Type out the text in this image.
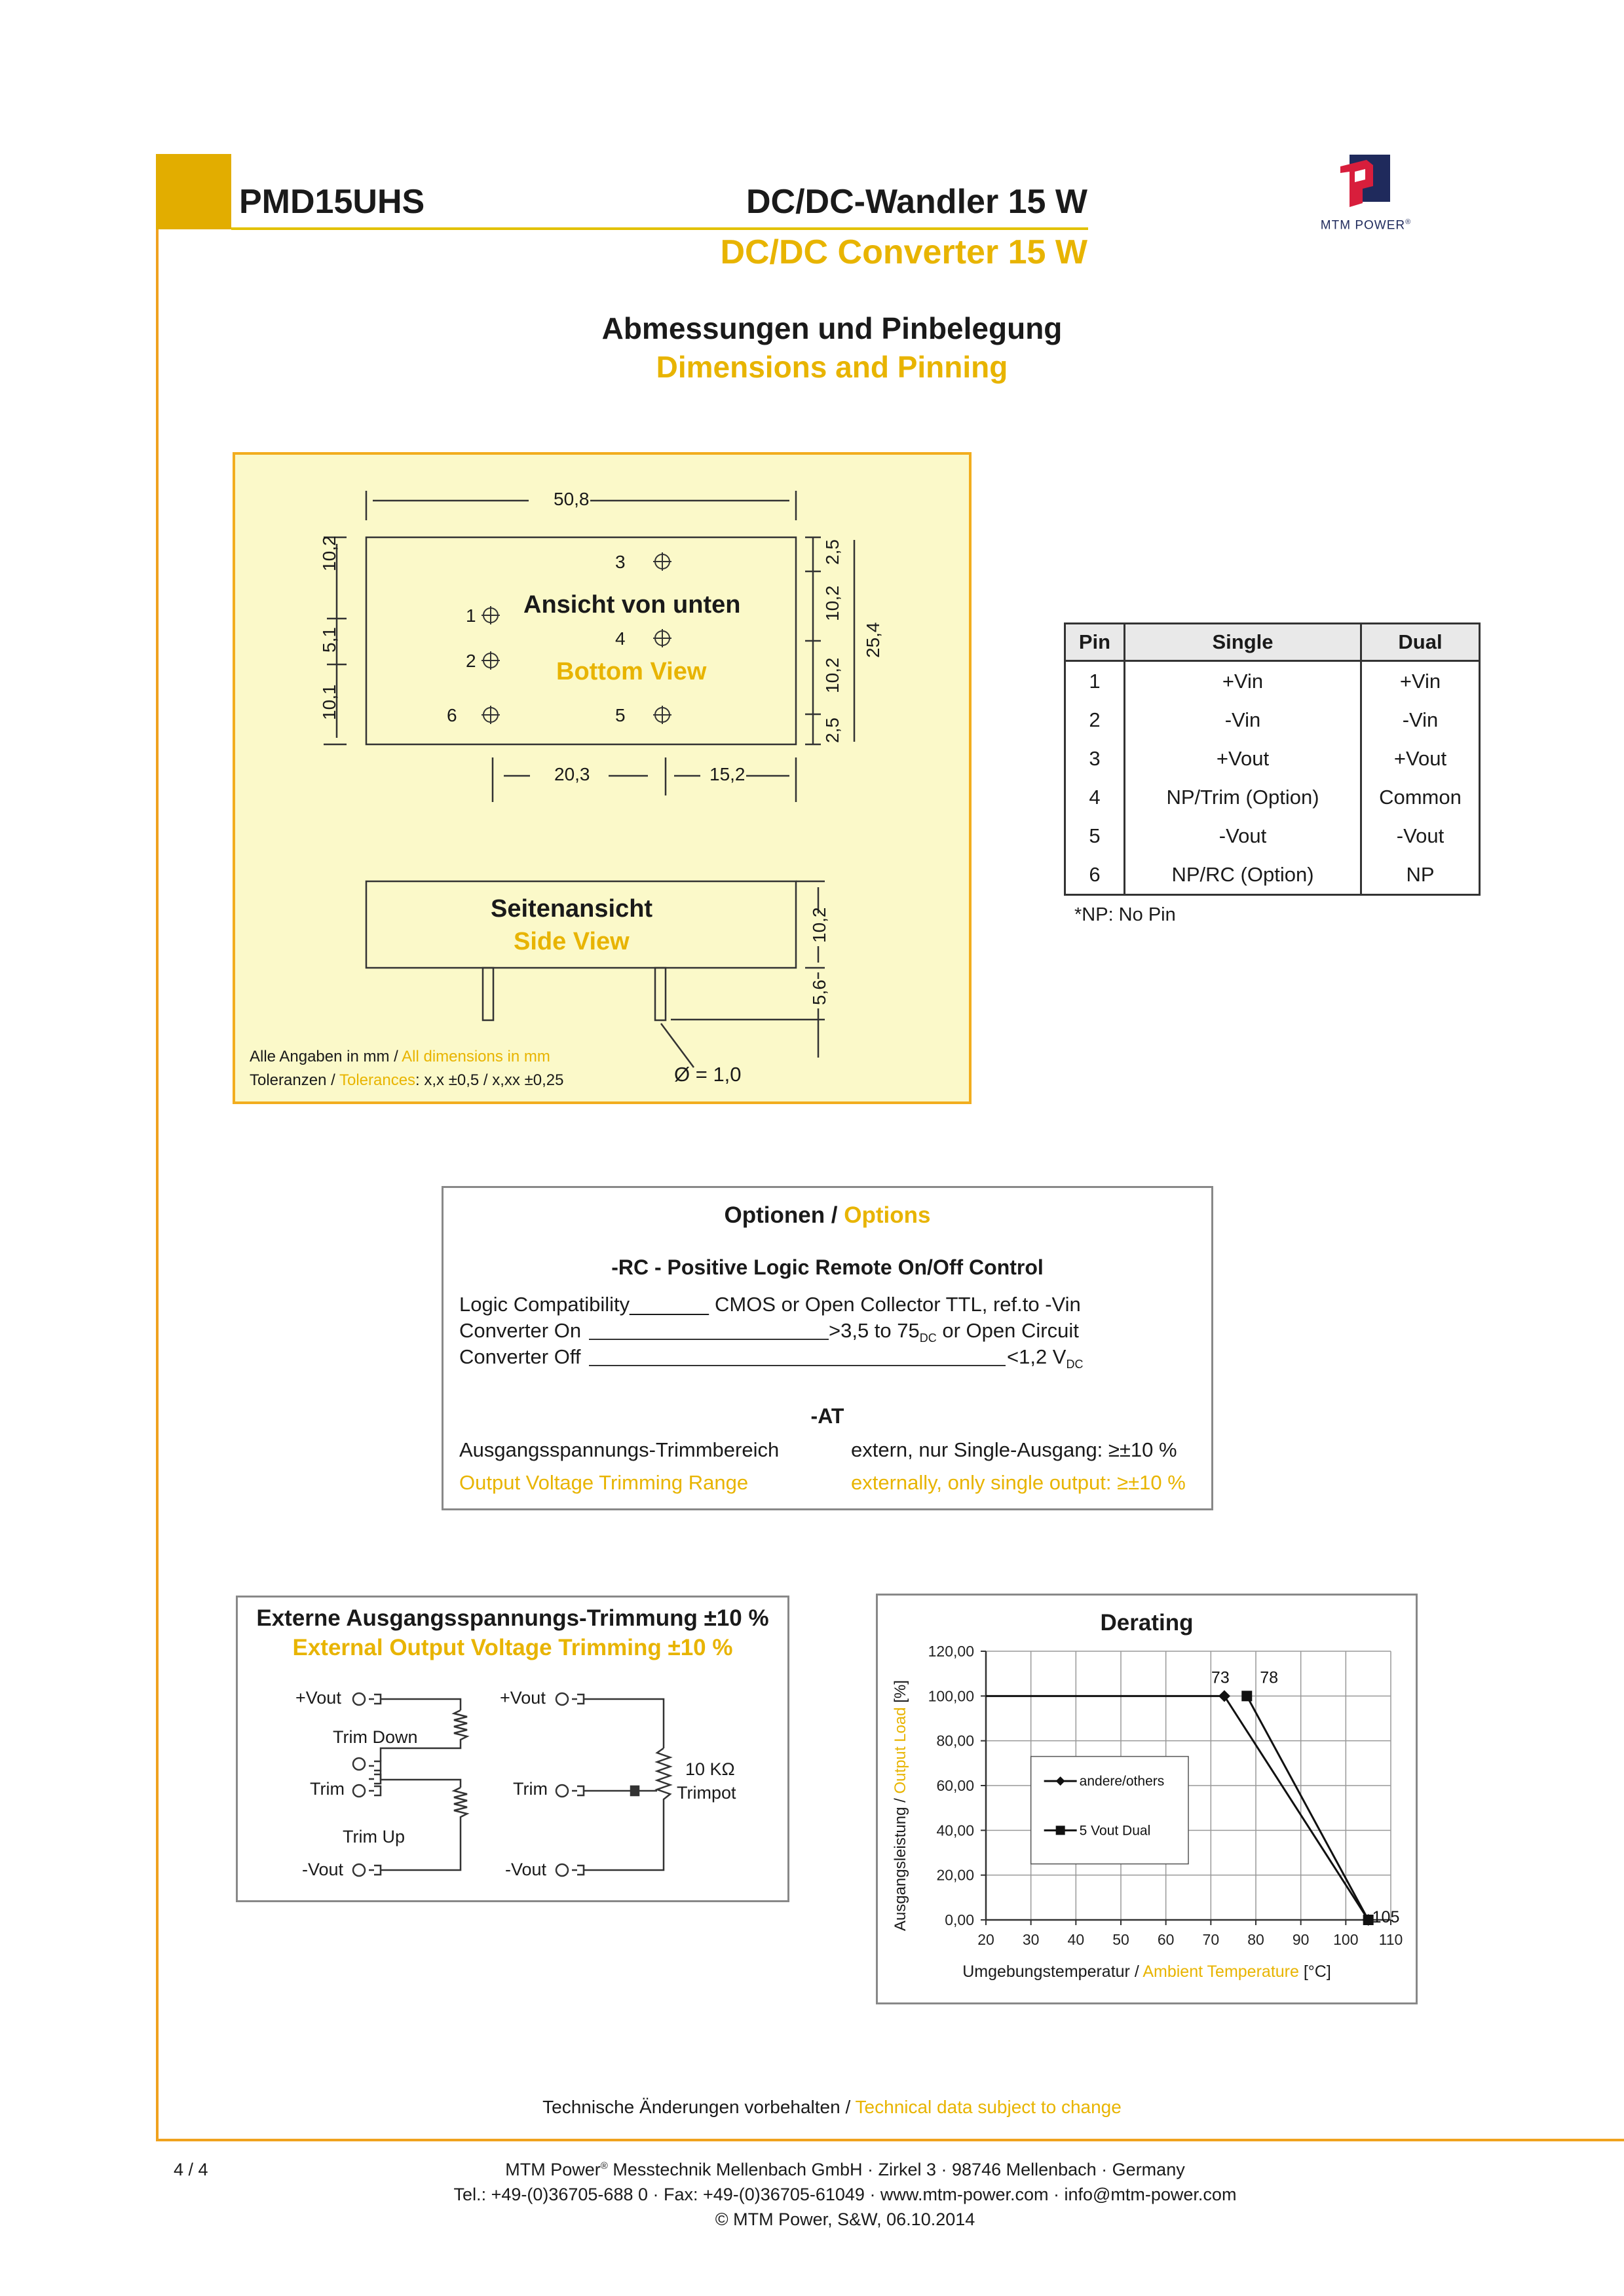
PMD15UHS	DC/DC-Wandler 15 W
DC/DC Converter 15 W
MTM POWER®
Abmessungen und Pinbelegung
Dimensions and Pinning
50,8
10,2
5,1
10,1
2,5
10,2
10,2
2,5
25,4
20,3	15,2
Ansicht von unten
Bottom View
1
2
3
4
5
6
Seitenansicht
Side View	10,2
5,6
Ø = 1,0
Alle Angaben in mm / All dimensions in mm
Toleranzen / Tolerances: x,x ±0,5 / x,xx ±0,25
Pin	Single	Dual
1	+Vin	+Vin
2	-Vin	-Vin
3	+Vout	+Vout
4	NP/Trim (Option)	Common
5	-Vout	-Vout
6	NP/RC (Option)	NP
*NP: No Pin
Optionen / Options
-RC - Positive Logic Remote On/Off Control
Logic Compatibility_______ CMOS or Open Collector TTL, ref.to -Vin
Converter On	>3,5 to $75_{DC}$ or Open Circuit
Converter Off	<1,2 $V_{DC}$
-AT
Ausgangsspannungs-Trimmbereich	extern, nur Single-Ausgang: ≥±10 %
Output Voltage Trimming Range	externally, only single output: ≥±10 %
Externe Ausgangsspannungs-Trimmung ±10 %
External Output Voltage Trimming ±10 %
+Vout
Trim Down
Trim
Trim Up
-Vout
+Vout
Trim
-Vout
10 KΩ
Trimpot
Derating
20 30 40 50 60 70 80 90 100 110
0,00
20,00
40,00
60,00
80,00
100,00
120,00
73 78
105
andere/others
5 Vout Dual
Umgebungstemperatur / Ambient Temperature [°C]
Ausgangsleistung / Output Load [%]
Technische Änderungen vorbehalten / Technical data subject to change
4 / 4	MTM Power® Messtechnik Mellenbach GmbH · Zirkel 3 · 98746 Mellenbach · Germany
Tel.: +49-(0)36705-688 0 · Fax: +49-(0)36705-61049 · www.mtm-power.com · info@mtm-power.com
© MTM Power, S&W, 06.10.2014
